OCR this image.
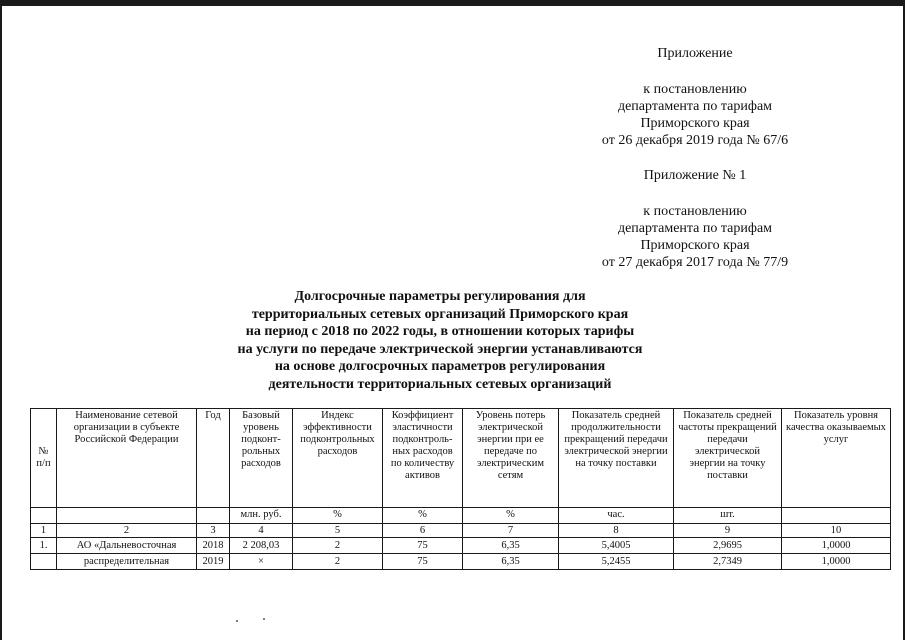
Приложение
к постановлению
департамента по тарифам
Приморского края
от 26 декабря 2019 года № 67/6
Приложение № 1
к постановлению
департамента по тарифам
Приморского края
от 27 декабря 2017 года № 77/9
Долгосрочные параметры регулирования для
территориальных сетевых организаций Приморского края
на период с 2018 по 2022 годы, в отношении которых тарифы
на услуги по передаче электрической энергии устанавливаются
на основе долгосрочных параметров регулирования
деятельности территориальных сетевых организаций
№ п/п	Наименование сетевой организации в субъекте Российской Федерации	Год	Базовый уровень подконт-рольных расходов	Индекс эффективности подконтрольных расходов	Коэффициент эластичности подконтроль-ных расходов по количеству активов	Уровень потерь электрической энергии при ее передаче по электрическим сетям	Показатель средней продолжительности прекращений передачи электрической энергии на точку поставки	Показатель средней частоты прекращений передачи электрической энергии на точку поставки	Показатель уровня качества оказываемых услуг
			млн. руб.	%	%	%	час.	шт.	
1	2	3	4	5	6	7	8	9	10
1.	АО «Дальневосточная	2018	2 208,03	2	75	6,35	5,4005	2,9695	1,0000
	распределительная	2019	×	2	75	6,35	5,2455	2,7349	1,0000
